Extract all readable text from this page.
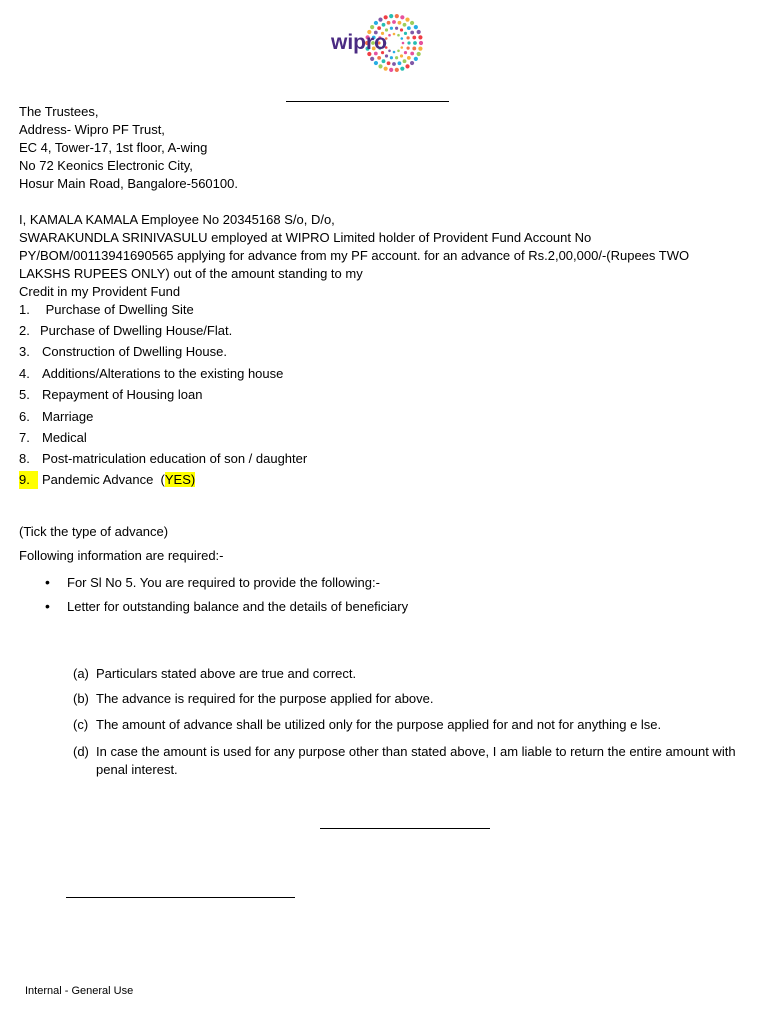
wipro
The Trustees,
Address- Wipro PF Trust,
EC 4, Tower-17, 1st floor, A-wing
No 72 Keonics Electronic City,
Hosur Main Road, Bangalore-560100.
I, KAMALA KAMALA Employee No 20345168 S/o, D/o,
SWARAKUNDLA SRINIVASULU employed at WIPRO Limited holder of Provident Fund Account No
PY/BOM/00113941690565 applying for advance from my PF account. for an advance of Rs.2,00,000/-(Rupees TWO
LAKSHS RUPEES ONLY) out of the amount standing to my
Credit in my Provident Fund
1. Purchase of Dwelling Site
2. Purchase of Dwelling House/Flat.
3. Construction of Dwelling House.
4. Additions/Alterations to the existing house
5. Repayment of Housing loan
6. Marriage
7. Medical
8. Post-matriculation education of son / daughter
9. Pandemic Advance  (YES)
(Tick the type of advance)
Following information are required:-
• For Sl No 5. You are required to provide the following:-
• Letter for outstanding balance and the details of beneficiary
(a) Particulars stated above are true and correct.
(b) The advance is required for the purpose applied for above.
(c) The amount of advance shall be utilized only for the purpose applied for and not for anything e lse.
(d) In case the amount is used for any purpose other than stated above, I am liable to return the entire amount with penal interest.
Internal - General Use
